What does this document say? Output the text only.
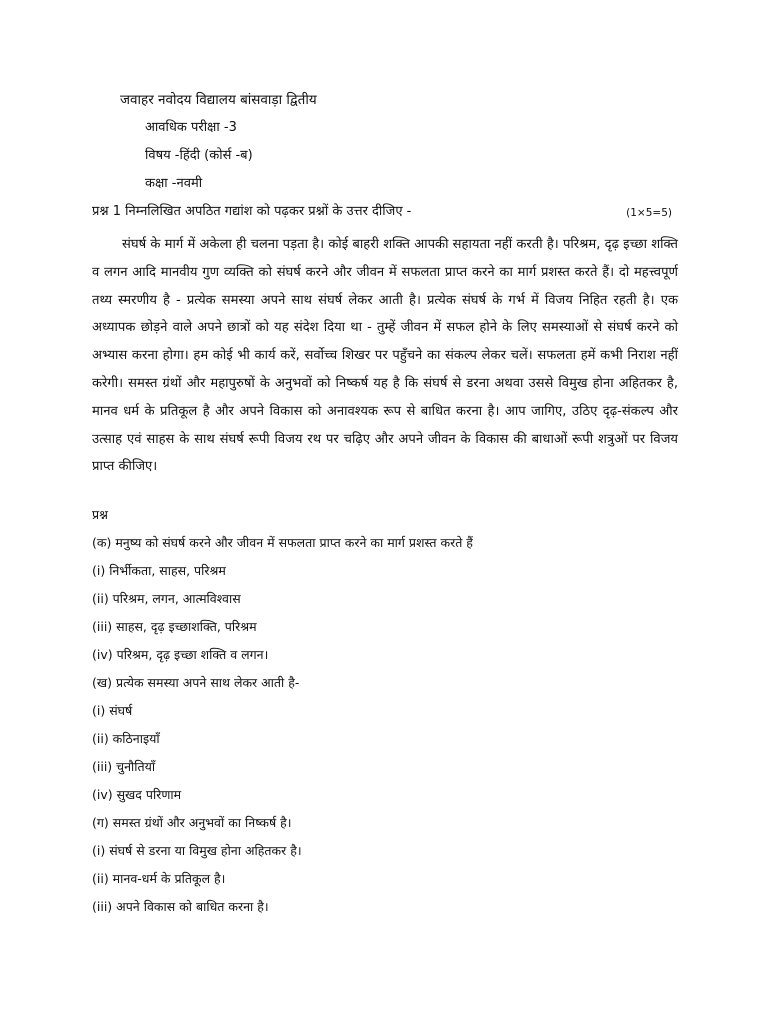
जवाहर नवोदय विद्यालय बांसवाड़ा द्वितीय
आवधिक परीक्षा -3
विषय -हिंदी (कोर्स -ब)
कक्षा -नवमी
प्रश्न 1 निम्नलिखित अपठित गद्यांश को पढ़कर प्रश्नों के उत्तर दीजिए -	(1×5=5)

संघर्ष के मार्ग में अकेला ही चलना पड़ता है। कोई बाहरी शक्ति आपकी सहायता नहीं करती है। परिश्रम, दृढ़ इच्छा शक्ति व लगन आदि मानवीय गुण व्यक्ति को संघर्ष करने और जीवन में सफलता प्राप्त करने का मार्ग प्रशस्त करते हैं। दो महत्त्वपूर्ण तथ्य स्मरणीय है - प्रत्येक समस्या अपने साथ संघर्ष लेकर आती है। प्रत्येक संघर्ष के गर्भ में विजय निहित रहती है। एक अध्यापक छोड़ने वाले अपने छात्रों को यह संदेश दिया था - तुम्हें जीवन में सफल होने के लिए समस्याओं से संघर्ष करने को अभ्यास करना होगा। हम कोई भी कार्य करें, सर्वोच्च शिखर पर पहुँचने का संकल्प लेकर चलें। सफलता हमें कभी निराश नहीं करेगी। समस्त ग्रंथों और महापुरुषों के अनुभवों को निष्कर्ष यह है कि संघर्ष से डरना अथवा उससे विमुख होना अहितकर है, मानव धर्म के प्रतिकूल है और अपने विकास को अनावश्यक रूप से बाधित करना है। आप जागिए, उठिए दृढ़-संकल्प और उत्साह एवं साहस के साथ संघर्ष रूपी विजय रथ पर चढ़िए और अपने जीवन के विकास की बाधाओं रूपी शत्रुओं पर विजय प्राप्त कीजिए।

प्रश्न
(क) मनुष्य को संघर्ष करने और जीवन में सफलता प्राप्त करने का मार्ग प्रशस्त करते हैं
(i) निर्भीकता, साहस, परिश्रम
(ii) परिश्रम, लगन, आत्मविश्वास
(iii) साहस, दृढ़ इच्छाशक्ति, परिश्रम
(iv) परिश्रम, दृढ़ इच्छा शक्ति व लगन।
(ख) प्रत्येक समस्या अपने साथ लेकर आती है-
(i) संघर्ष
(ii) कठिनाइयाँ
(iii) चुनौतियाँ
(iv) सुखद परिणाम
(ग) समस्त ग्रंथों और अनुभवों का निष्कर्ष है।
(i) संघर्ष से डरना या विमुख होना अहितकर है।
(ii) मानव-धर्म के प्रतिकूल है।
(iii) अपने विकास को बाधित करना है।
